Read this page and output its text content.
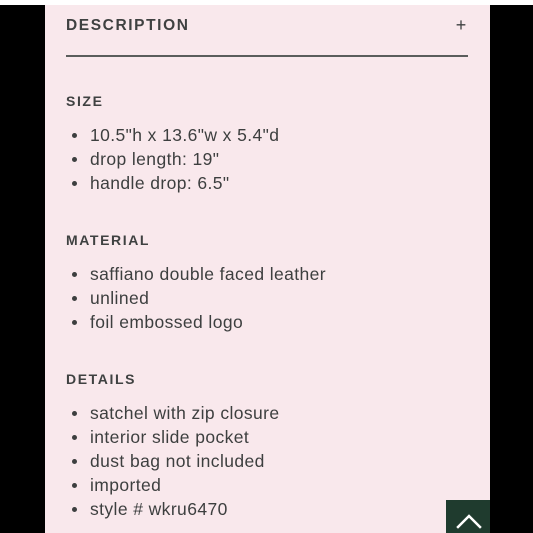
DESCRIPTION	+
SIZE
10.5"h x 13.6"w x 5.4"d
drop length: 19"
handle drop: 6.5"
MATERIAL
saffiano double faced leather
unlined
foil embossed logo
DETAILS
satchel with zip closure
interior slide pocket
dust bag not included
imported
style # wkru6470
